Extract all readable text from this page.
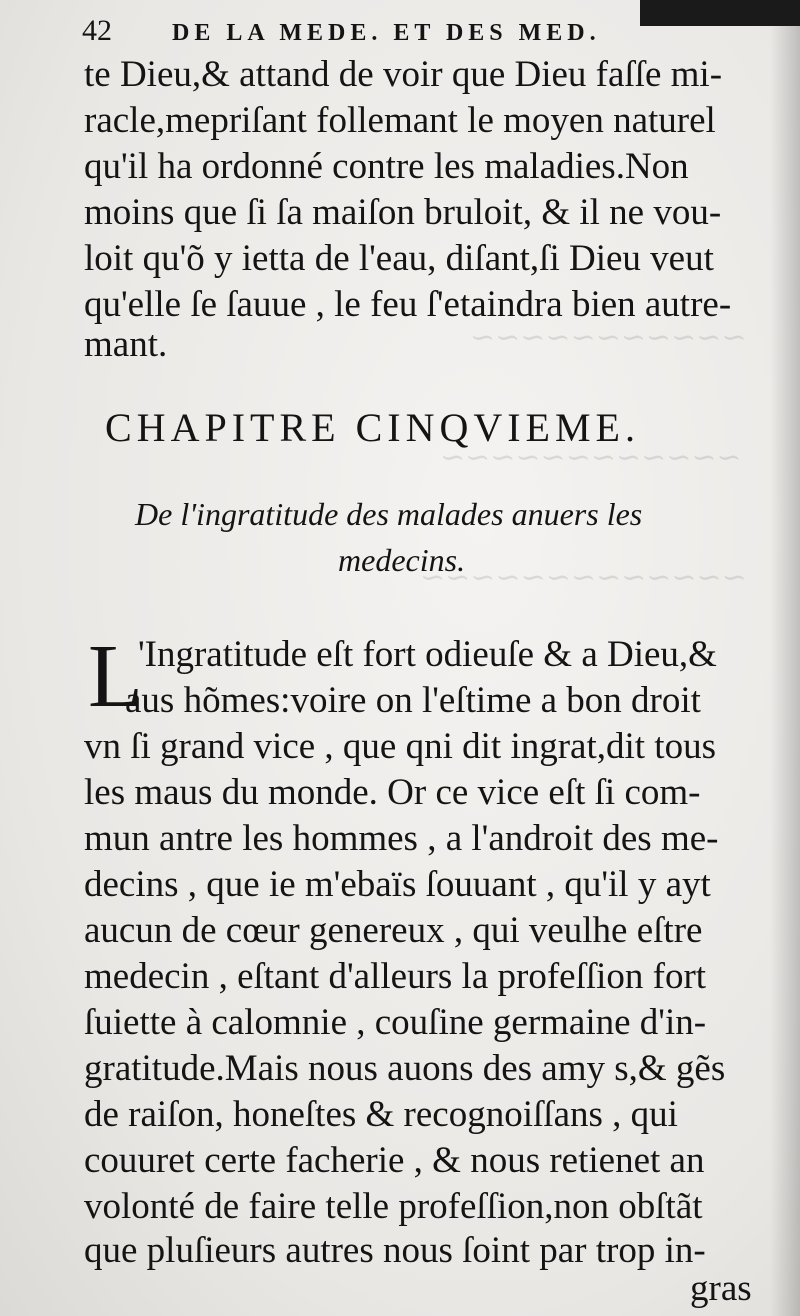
~~~~~~~~~~~
~~~~~~~~~~~~
~~~~~~~~~~~~~
42	DE LA MEDE. ET DES MED.
te Dieu,& attand de voir que Dieu faſſe mi-
racle,mepriſant follemant le moyen naturel
qu'il ha ordonné contre les maladies.Non
moins que ſi ſa maiſon bruloit, & il ne vou-
loit qu'õ y ietta de l'eau, diſant,ſi Dieu veut
qu'elle ſe ſauue , le feu ſ'etaindra bien autre-
mant.
CHAPITRE CINQVIEME.
De l'ingratitude des malades anuers les
medecins.
L
'Ingratitude eſt fort odieuſe & a Dieu,&
aus hõmes:voire on l'eſtime a bon droit
vn ſi grand vice , que qni dit ingrat,dit tous
les maus du monde. Or ce vice eſt ſi com-
mun antre les hommes , a l'androit des me-
decins , que ie m'ebaïs ſouuant , qu'il y ayt
aucun de cœur genereux , qui veulhe eſtre
medecin , eſtant d'alleurs la profeſſion fort
ſuiette à calomnie , couſine germaine d'in-
gratitude.Mais nous auons des amy s,& gẽs
de raiſon, honeſtes & recognoiſſans , qui
couuret certe facherie , & nous retienet an
volonté de faire telle profeſſion,non obſtãt
que pluſieurs autres nous ſoint par trop in-
gras
